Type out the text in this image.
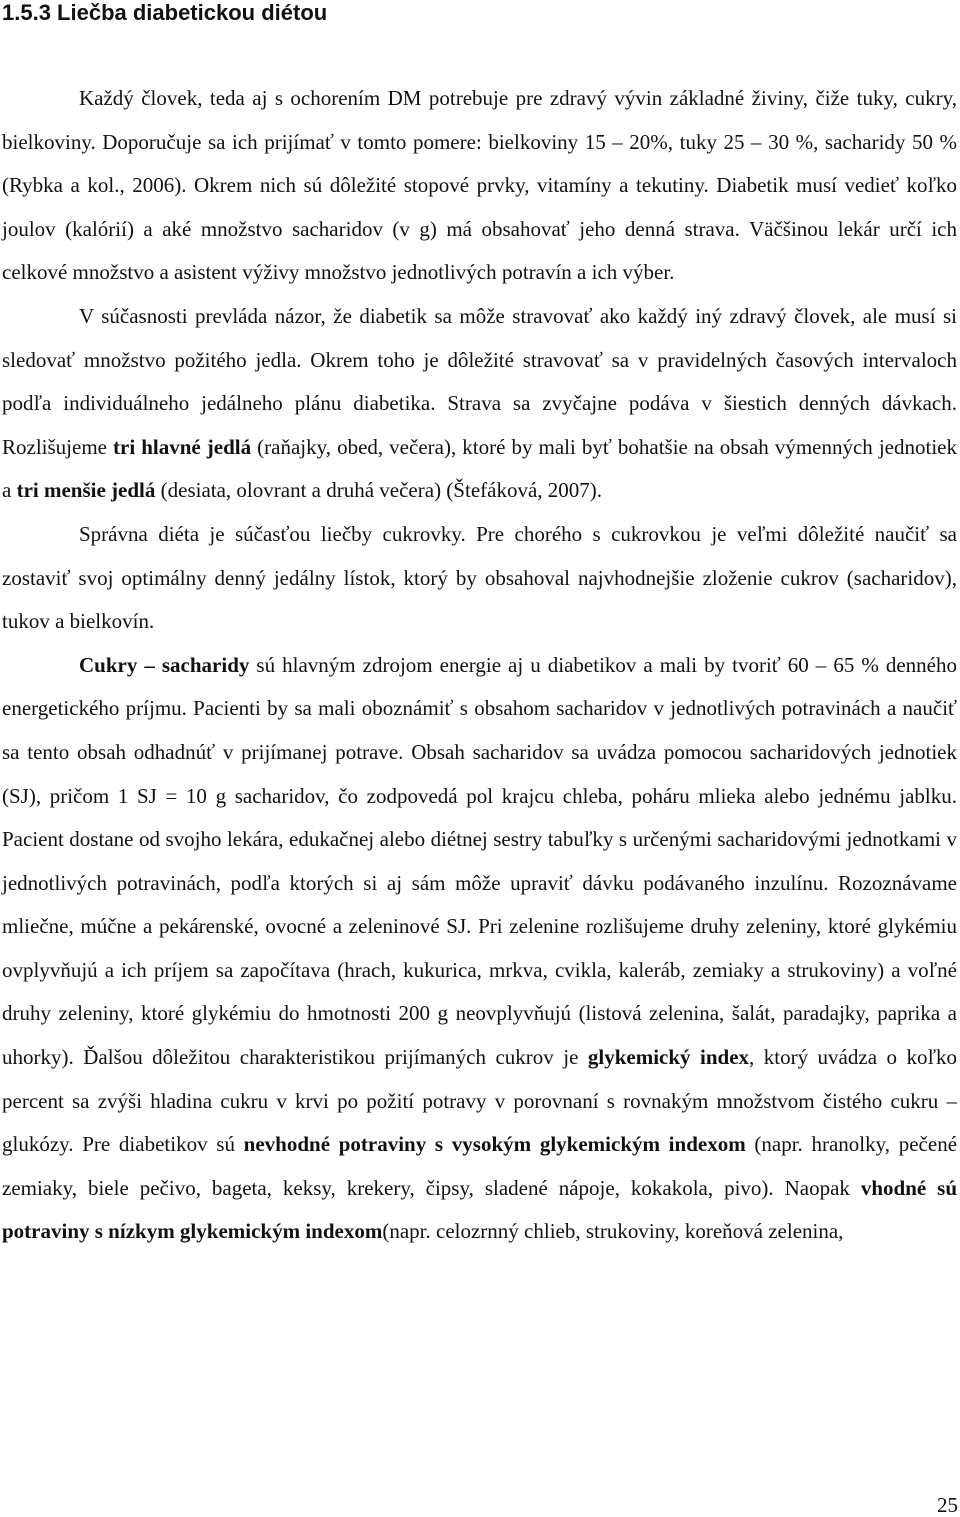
1.5.3 Liečba diabetickou diétou

Každý človek, teda aj s ochorením DM potrebuje pre zdravý vývin základné živiny, čiže tuky, cukry, bielkoviny. Doporučuje sa ich prijímať v tomto pomere: bielkoviny 15 – 20%, tuky 25 – 30 %, sacharidy 50 % (Rybka a kol., 2006). Okrem nich sú dôležité stopové prvky, vitamíny a tekutiny. Diabetik musí vedieť koľko joulov (kalórií) a aké množstvo sacharidov (v g) má obsahovať jeho denná strava. Väčšinou lekár určí ich celkové množstvo a asistent výživy množstvo jednotlivých potravín a ich výber.

V súčasnosti prevláda názor, že diabetik sa môže stravovať ako každý iný zdravý človek, ale musí si sledovať množstvo požitého jedla. Okrem toho je dôležité stravovať sa v pravidelných časových intervaloch podľa individuálneho jedálneho plánu diabetika. Strava sa zvyčajne podáva v šiestich denných dávkach. Rozlišujeme tri hlavné jedlá (raňajky, obed, večera), ktoré by mali byť bohatšie na obsah výmenných jednotiek a tri menšie jedlá (desiata, olovrant a druhá večera) (Štefáková, 2007).

Správna diéta je súčasťou liečby cukrovky. Pre chorého s cukrovkou je veľmi dôležité naučiť sa zostaviť svoj optimálny denný jedálny lístok, ktorý by obsahoval najvhodnejšie zloženie cukrov (sacharidov), tukov a bielkovín.

Cukry – sacharidy sú hlavným zdrojom energie aj u diabetikov a mali by tvoriť 60 – 65 % denného energetického príjmu. Pacienti by sa mali oboznámiť s obsahom sacharidov v jednotlivých potravinách a naučiť sa tento obsah odhadnúť v prijímanej potrave. Obsah sacharidov sa uvádza pomocou sacharidových jednotiek (SJ), pričom 1 SJ = 10 g sacharidov, čo zodpovedá pol krajcu chleba, poháru mlieka alebo jednému jablku. Pacient dostane od svojho lekára, edukačnej alebo diétnej sestry tabuľky s určenými sacharidovými jednotkami v jednotlivých potravinách, podľa ktorých si aj sám môže upraviť dávku podávaného inzulínu. Rozoznávame mliečne, múčne a pekárenské, ovocné a zeleninové SJ. Pri zelenine rozlišujeme druhy zeleniny, ktoré glykémiu ovplyvňujú a ich príjem sa započítava (hrach, kukurica, mrkva, cvikla, kaleráb, zemiaky a strukoviny) a voľné druhy zeleniny, ktoré glykémiu do hmotnosti 200 g neovplyvňujú (listová zelenina, šalát, paradajky, paprika a uhorky). Ďalšou dôležitou charakteristikou prijímaných cukrov je glykemický index, ktorý uvádza o koľko percent sa zvýši hladina cukru v krvi po požití potravy v porovnaní s rovnakým množstvom čistého cukru – glukózy. Pre diabetikov sú nevhodné potraviny s vysokým glykemickým indexom (napr. hranolky, pečené zemiaky, biele pečivo, bageta, keksy, krekery, čipsy, sladené nápoje, kokakola, pivo). Naopak vhodné sú potraviny s nízkym glykemickým indexom(napr. celozrnný chlieb, strukoviny, koreňová zelenina,

25
